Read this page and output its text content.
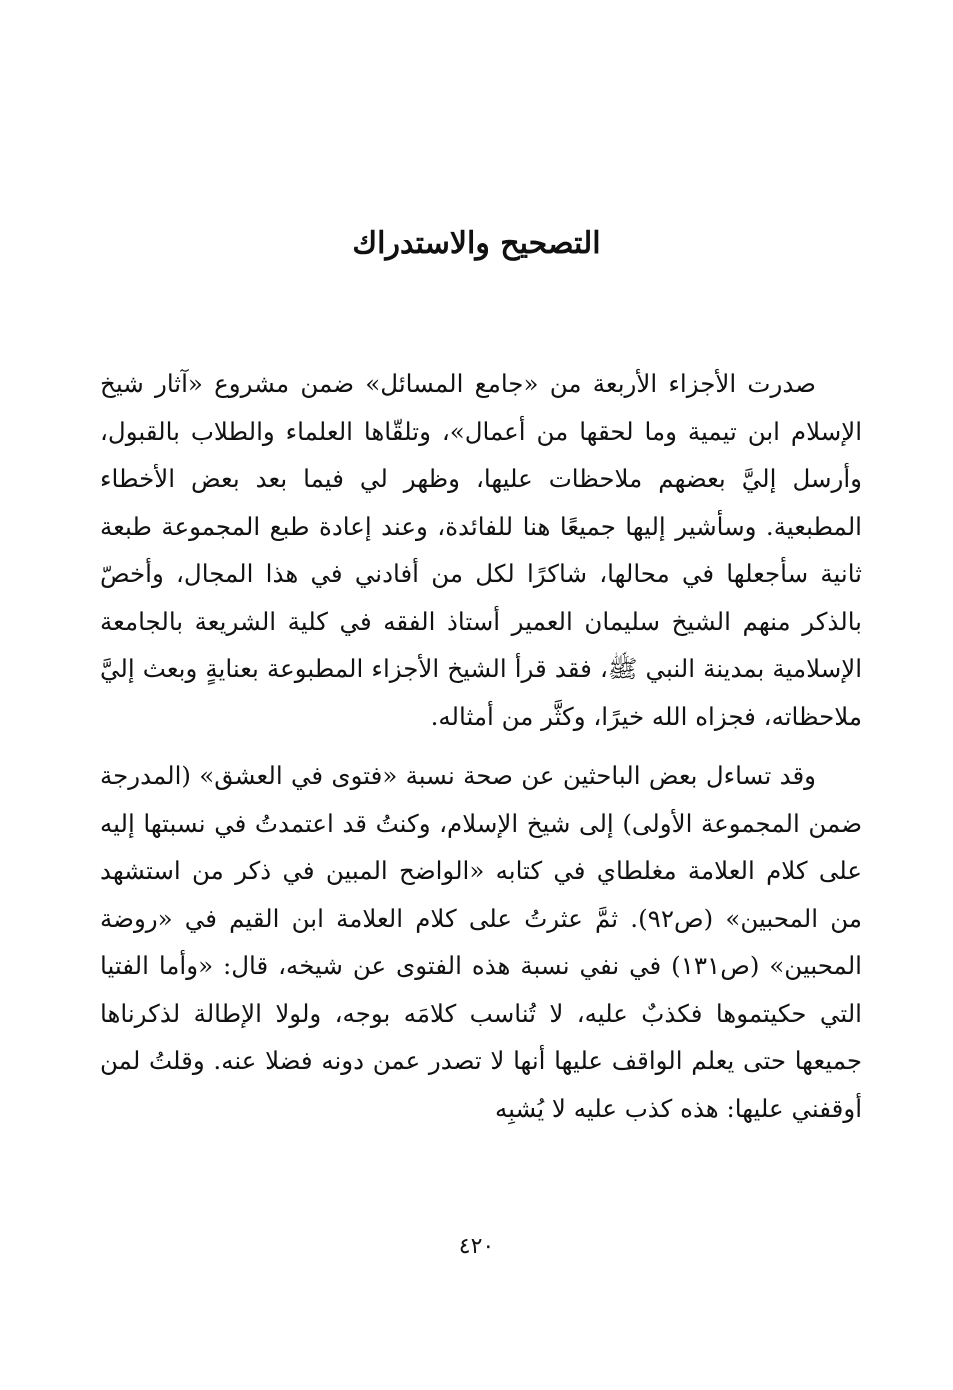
التصحيح والاستدراك

صدرت الأجزاء الأربعة من «جامع المسائل» ضمن مشروع «آثار شيخ الإسلام ابن تيمية وما لحقها من أعمال»، وتلقّاها العلماء والطلاب بالقبول، وأرسل إليَّ بعضهم ملاحظات عليها، وظهر لي فيما بعد بعض الأخطاء المطبعية. وسأشير إليها جميعًا هنا للفائدة، وعند إعادة طبع المجموعة طبعة ثانية سأجعلها في محالها، شاكرًا لكل من أفادني في هذا المجال، وأخصّ بالذكر منهم الشيخ سليمان العمير أستاذ الفقه في كلية الشريعة بالجامعة الإسلامية بمدينة النبي ﷺ، فقد قرأ الشيخ الأجزاء المطبوعة بعنايةٍ وبعث إليَّ ملاحظاته، فجزاه الله خيرًا، وكثَّر من أمثاله.

وقد تساءل بعض الباحثين عن صحة نسبة «فتوى في العشق» (المدرجة ضمن المجموعة الأولى) إلى شيخ الإسلام، وكنتُ قد اعتمدتُ في نسبتها إليه على كلام العلامة مغلطاي في كتابه «الواضح المبين في ذكر من استشهد من المحبين» (ص٩٢). ثمَّ عثرتُ على كلام العلامة ابن القيم في «روضة المحبين» (ص١٣١) في نفي نسبة هذه الفتوى عن شيخه، قال: «وأما الفتيا التي حكيتموها فكذبٌ عليه، لا تُناسب كلامَه بوجه، ولولا الإطالة لذكرناها جميعها حتى يعلم الواقف عليها أنها لا تصدر عمن دونه فضلا عنه. وقلتُ لمن أوقفني عليها: هذه كذب عليه لا يُشبِه

٤٢٠
